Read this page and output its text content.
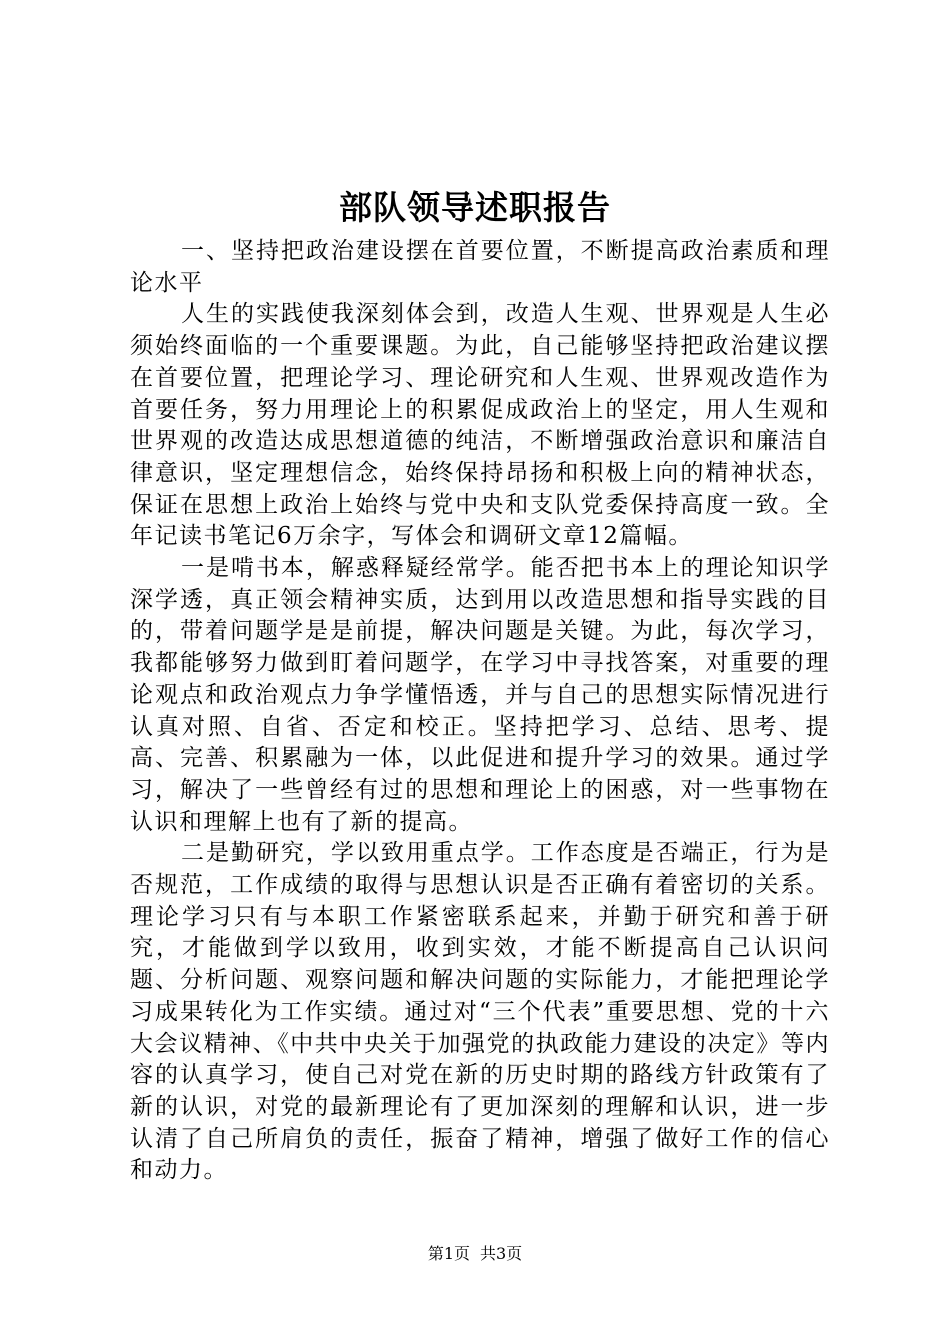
部队领导述职报告

一、坚持把政治建设摆在首要位置，不断提高政治素质和理论水平

人生的实践使我深刻体会到，改造人生观、世界观是人生必须始终面临的一个重要课题。为此，自己能够坚持把政治建议摆在首要位置，把理论学习、理论研究和人生观、世界观改造作为首要任务，努力用理论上的积累促成政治上的坚定，用人生观和世界观的改造达成思想道德的纯洁，不断增强政治意识和廉洁自律意识，坚定理想信念，始终保持昂扬和积极上向的精神状态，保证在思想上政治上始终与党中央和支队党委保持高度一致。全年记读书笔记6万余字，写体会和调研文章12篇幅。

一是啃书本，解惑释疑经常学。能否把书本上的理论知识学深学透，真正领会精神实质，达到用以改造思想和指导实践的目的，带着问题学是是前提，解决问题是关键。为此，每次学习，我都能够努力做到盯着问题学，在学习中寻找答案，对重要的理论观点和政治观点力争学懂悟透，并与自己的思想实际情况进行认真对照、自省、否定和校正。坚持把学习、总结、思考、提高、完善、积累融为一体，以此促进和提升学习的效果。通过学习，解决了一些曾经有过的思想和理论上的困惑，对一些事物在认识和理解上也有了新的提高。

二是勤研究，学以致用重点学。工作态度是否端正，行为是否规范，工作成绩的取得与思想认识是否正确有着密切的关系。理论学习只有与本职工作紧密联系起来，并勤于研究和善于研究，才能做到学以致用，收到实效，才能不断提高自己认识问题、分析问题、观察问题和解决问题的实际能力，才能把理论学习成果转化为工作实绩。通过对“三个代表”重要思想、党的十六大会议精神、《中共中央关于加强党的执政能力建设的决定》等内容的认真学习，使自己对党在新的历史时期的路线方针政策有了新的认识，对党的最新理论有了更加深刻的理解和认识，进一步认清了自己所肩负的责任，振奋了精神，增强了做好工作的信心和动力。

第1页 共3页
